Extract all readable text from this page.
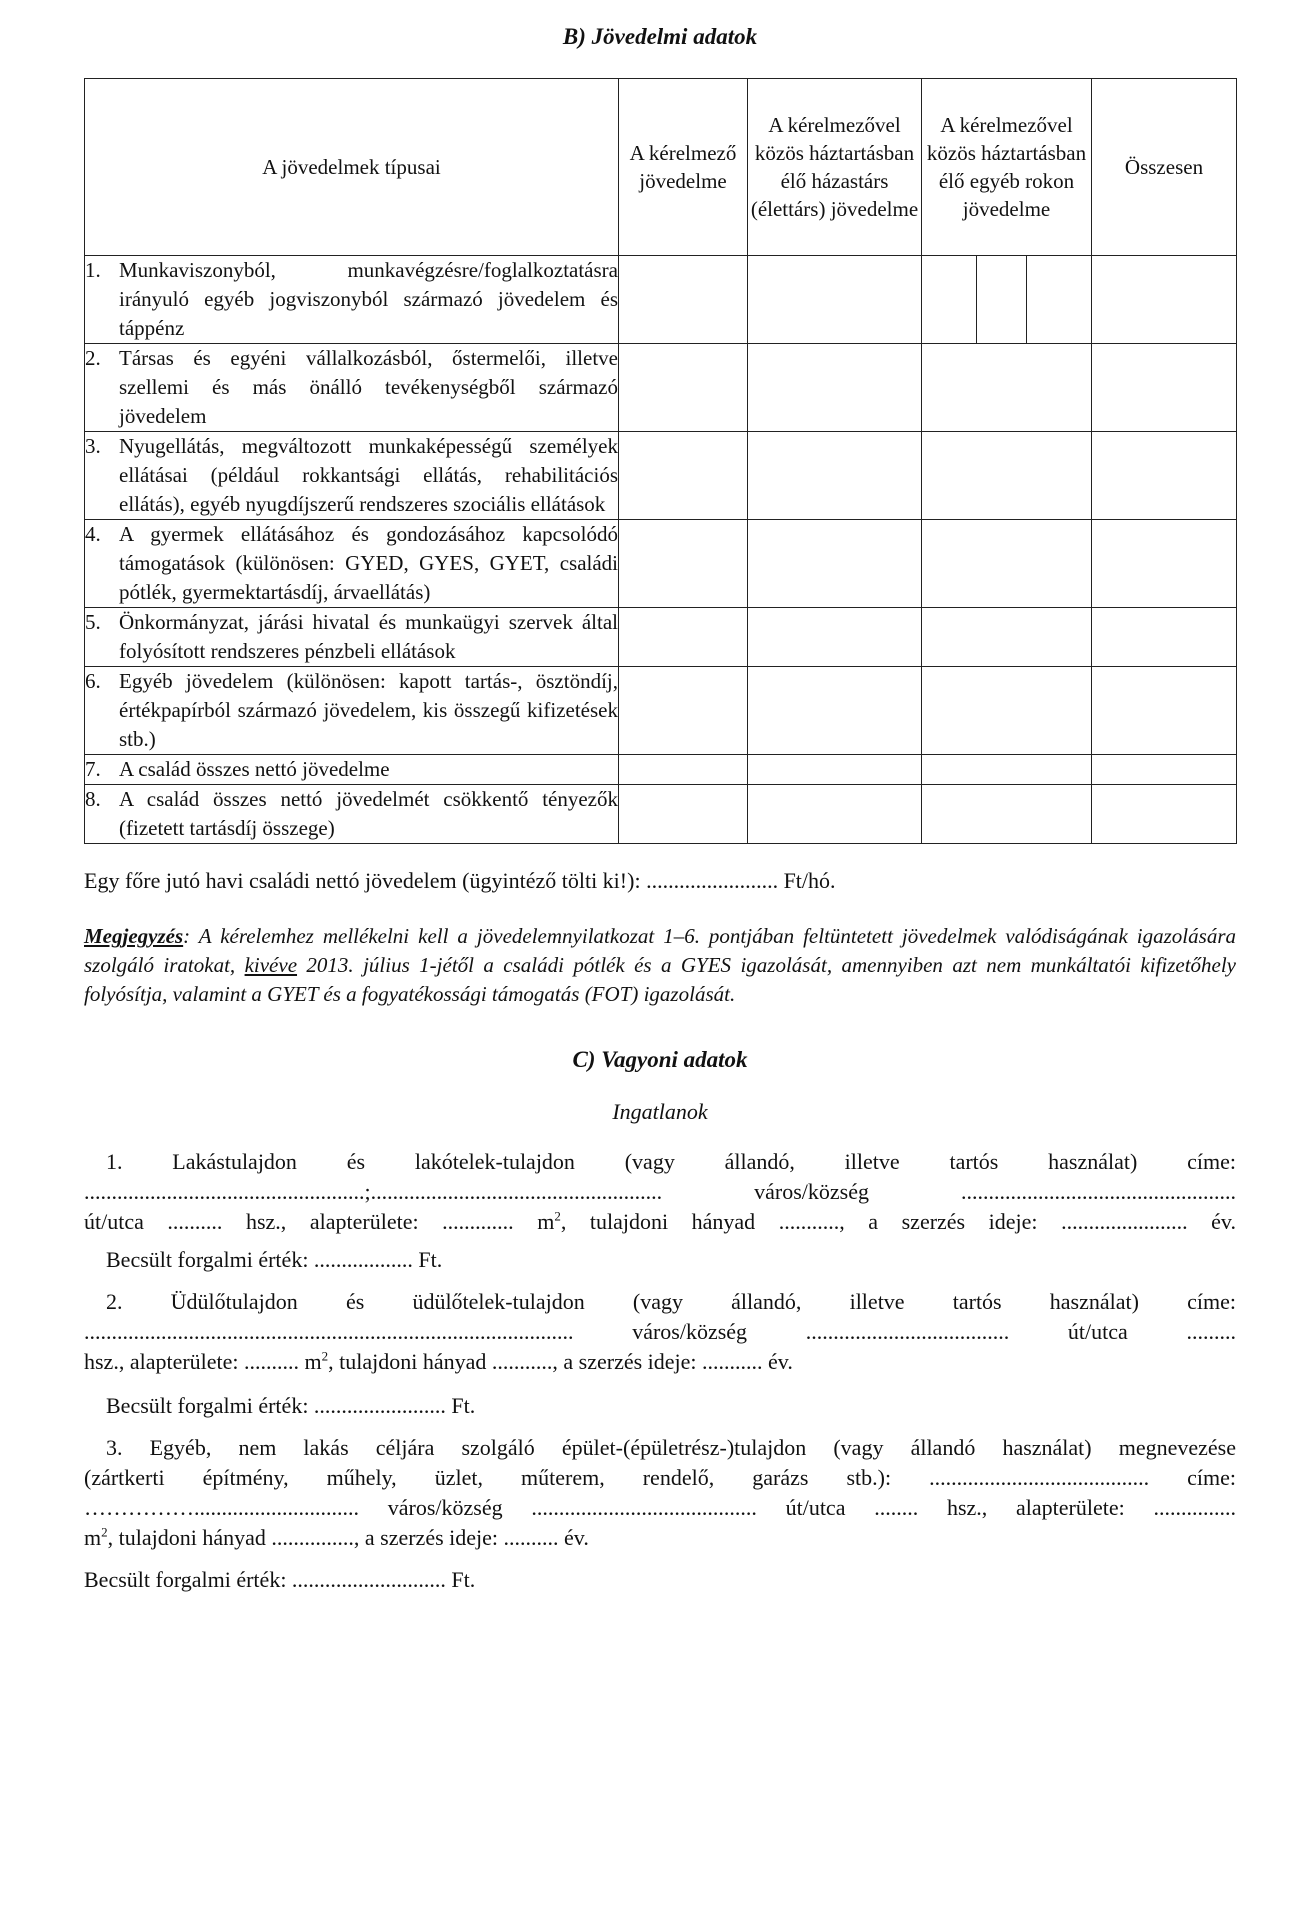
B) Jövedelmi adatok

A jövedelmek típusai	A kérelmező jövedelme	A kérelmezővel közös háztartásban élő házastárs (élettárs) jövedelme	A kérelmezővel közös háztartásban élő egyéb rokon jövedelme			Összesen

1. Munkaviszonyból, munkavégzésre/foglalkoztatásra irányuló egyéb jogviszonyból származó jövedelem és táppénz						

2. Társas és egyéni vállalkozásból, őstermelői, illetve szellemi és más önálló tevékenységből származó jövedelem						

3. Nyugellátás, megváltozott munkaképességű személyek ellátásai (például rokkantsági ellátás, rehabilitációs ellátás), egyéb nyugdíjszerű rendszeres szociális ellátások						

4. A gyermek ellátásához és gondozásához kapcsolódó támogatások (különösen: GYED, GYES, GYET, családi pótlék, gyermektartásdíj, árvaellátás)						

5. Önkormányzat, járási hivatal és munkaügyi szervek által folyósított rendszeres pénzbeli ellátások						

6. Egyéb jövedelem (különösen: kapott tartás-, ösztöndíj, értékpapírból származó jövedelem, kis összegű kifizetések stb.)						

7. A család összes nettó jövedelme						

8. A család összes nettó jövedelmét csökkentő tényezők (fizetett tartásdíj összege)						

Egy főre jutó havi családi nettó jövedelem (ügyintéző tölti ki!): ........................ Ft/hó.

Megjegyzés: A kérelemhez mellékelni kell a jövedelemnyilatkozat 1–6. pontjában feltüntetett jövedelmek valódiságának igazolására szolgáló iratokat, kivéve 2013. július 1-jétől a családi pótlék és a GYES igazolását, amennyiben azt nem munkáltatói kifizetőhely folyósítja, valamint a GYET és a fogyatékossági támogatás (FOT) igazolását.

C) Vagyoni adatok

Ingatlanok

1. Lakástulajdon és lakótelek-tulajdon (vagy állandó, illetve tartós használat) címe:

...................................................;..................................................... város/község ..................................................

út/utca .......... hsz., alapterülete: ............. $m^2$, tulajdoni hányad ..........., a szerzés ideje: ....................... év.

Becsült forgalmi érték: .................. Ft.

2. Üdülőtulajdon és üdülőtelek-tulajdon (vagy állandó, illetve tartós használat) címe:

......................................................................................... város/község ..................................... út/utca .........

hsz., alapterülete: .......... $m^2$, tulajdoni hányad ..........., a szerzés ideje: ........... év.

Becsült forgalmi érték: ........................ Ft.

3. Egyéb, nem lakás céljára szolgáló épület-(épületrész-)tulajdon (vagy állandó használat) megnevezése

(zártkerti építmény, műhely, üzlet, műterem, rendelő, garázs stb.): ........................................ címe:

…………….............................. város/község ......................................... út/utca ........ hsz., alapterülete: ...............

$m^2$, tulajdoni hányad ..............., a szerzés ideje: .......... év.

Becsült forgalmi érték: ............................ Ft.
